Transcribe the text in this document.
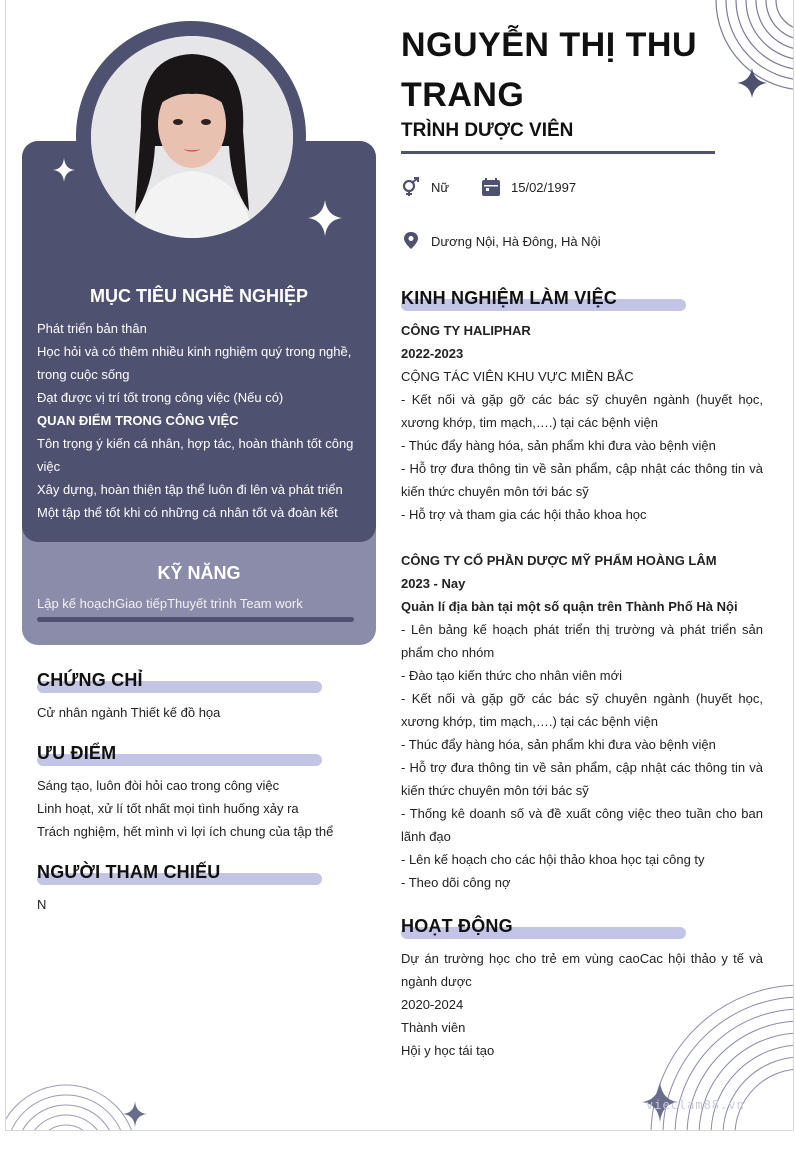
MỤC TIÊU NGHỀ NGHIỆP
Phát triển bản thân
Học hỏi và có thêm nhiều kinh nghiệm quý trong nghề, trong cuộc sống
Đạt được vị trí tốt trong công việc (Nếu có)
QUAN ĐIỂM TRONG CÔNG VIỆC
Tôn trọng ý kiến cá nhân, hợp tác, hoàn thành tốt công việc
Xây dựng, hoàn thiện tập thể luôn đi lên và phát triển
Một tập thể tốt khi có những cá nhân tốt và đoàn kết
KỸ NĂNG
Lập kế hoạchGiao tiếpThuyết trình Team work
CHỨNG CHỈ
Cử nhân ngành Thiết kế đồ họa
ƯU ĐIỂM
Sáng tạo, luôn đòi hỏi cao trong công việc
Linh hoạt, xử lí tốt nhất mọi tình huống xảy ra
Trách nghiệm, hết mình vì lợi ích chung của tập thể
NGƯỜI THAM CHIẾU
N
NGUYỄN THỊ THU TRANG
TRÌNH DƯỢC VIÊN
Nữ	15/02/1997
Dương Nội, Hà Đông, Hà Nội
KINH NGHIỆM LÀM VIỆC
CÔNG TY HALIPHAR
2022-2023
CỘNG TÁC VIÊN KHU VỰC MIỀN BẮC
- Kết nối và gặp gỡ các bác sỹ chuyên ngành (huyết học, xương khớp, tim mạch,….) tại các bệnh viện
- Thúc đẩy hàng hóa, sản phẩm khi đưa vào bệnh viện
- Hỗ trợ đưa thông tin về sản phẩm, cập nhật các thông tin và kiến thức chuyên môn tới bác sỹ
- Hỗ trợ và tham gia các hội thảo khoa học
CÔNG TY CỔ PHẦN DƯỢC MỸ PHẨM HOÀNG LÂM
2023 - Nay
Quản lí địa bàn tại một số quận trên Thành Phố Hà Nội
- Lên bảng kế hoạch phát triển thị trường và phát triển sản phẩm cho nhóm
- Đào tạo kiến thức cho nhân viên mới
- Kết nối và gặp gỡ các bác sỹ chuyên ngành (huyết học, xương khớp, tim mạch,….) tại các bệnh viện
- Thúc đẩy hàng hóa, sản phẩm khi đưa vào bệnh viện
- Hỗ trợ đưa thông tin về sản phẩm, cập nhật các thông tin và kiến thức chuyên môn tới bác sỹ
- Thống kê doanh số và đề xuất công việc theo tuần cho ban lãnh đạo
- Lên kế hoạch cho các hội thảo khoa học tại công ty
- Theo dõi công nợ
HOẠT ĐỘNG
Dự án trường học cho trẻ em vùng caoCac hội thảo y tế và ngành dược
2020-2024
Thành viên
Hội y học tái tạo
vieclam88.vn
